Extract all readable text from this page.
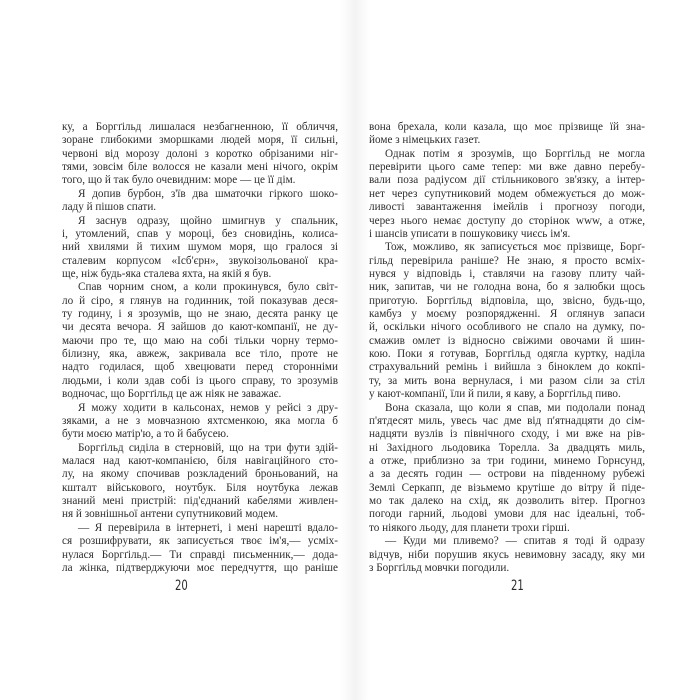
ку, а Боргґільд лишалася незбагненною, її обличчя,
зоране глибокими зморшками людей моря, її сильні,
червоні від морозу долоні з коротко обрізаними ніг-
тями, зовсім біле волосся не казали мені нічого, окрім
того, що й так було очевидним: море — це її дім.
Я допив бурбон, з'їв два шматочки гіркого шоко-
ладу й пішов спати.
Я заснув одразу, щойно шмигнув у спальник,
і, утомлений, спав у мороці, без сновидінь, колиса-
ний хвилями й тихим шумом моря, що гралося зі
сталевим корпусом «Ісб'єрн», звукоізольованої кра-
ще, ніж будь-яка сталева яхта, на якій я був.
Спав чорним сном, а коли прокинувся, було світ-
ло й сіро, я глянув на годинник, той показував деся-
ту годину, і я зрозумів, що не знаю, десята ранку це
чи десята вечора. Я зайшов до кают-компанії, не ду-
маючи про те, що маю на собі тільки чорну термо-
білизну, яка, авжеж, закривала все тіло, проте не
надто годилася, щоб хвецювати перед сторонніми
людьми, і коли здав собі із цього справу, то зрозумів
водночас, що Боргґільд це аж ніяк не заважає.
Я можу ходити в кальсонах, немов у рейсі з дру-
зяками, а не з мовчазною яхтсменкою, яка могла б
бути моєю матір'ю, а то й бабусею.
Боргґільд сиділа в стерновій, що на три фути здій-
малася над кают-компанією, біля навігаційного сто-
лу, на якому спочивав розкладений броньований, на
кшталт військового, ноутбук. Біля ноутбука лежав
знаний мені пристрій: під'єднаний кабелями живлен-
ня й зовнішньої антени супутниковий модем.
— Я перевірила в інтернеті, і мені нарешті вдало-
ся розшифрувати, як записується твоє ім'я,— усміх-
нулася Боргґільд.— Ти справді письменник,— дода-
ла жінка, підтверджуючи моє передчуття, що раніше
вона брехала, коли казала, що моє прізвище їй зна-
йоме з німецьких газет.
Однак потім я зрозумів, що Боргґільд не могла
перевірити цього саме тепер: ми вже давно перебу-
вали поза радіусом дії стільникового зв'язку, а інтер-
нет через супутниковий модем обмежується до мож-
ливості завантаження імейлів і прогнозу погоди,
через нього немає доступу до сторінок www, а отже,
і шансів уписати в пошуковику чиєсь ім'я.
Тож, можливо, як записується моє прізвище, Борґ-
гільд перевірила раніше? Не знаю, я просто всміх-
нувся у відповідь і, ставлячи на газову плиту чай-
ник, запитав, чи не голодна вона, бо я залюбки щось
приготую. Боргґільд відповіла, що, звісно, будь-що,
камбуз у моєму розпорядженні. Я оглянув запаси
й, оскільки нічого особливого не спало на думку, по-
смажив омлет із відносно свіжими овочами й шин-
кою. Поки я готував, Боргґільд одягла куртку, наділа
страхувальний ремінь і вийшла з біноклем до кокпі-
ту, за мить вона вернулася, і ми разом сіли за стіл
у кают-компанії, їли й пили, я каву, а Боргґільд пиво.
Вона сказала, що коли я спав, ми подолали понад
п'ятдесят миль, увесь час дме від п'ятнадцяти до сім-
надцяти вузлів із північного сходу, і ми вже на рів-
ні Західного льодовика Торелла. За двадцять миль,
а отже, приблизно за три години, минемо Горнсунд,
а за десять годин — острови на південному рубежі
Землі Серкапп, де візьмемо крутіше до вітру й піде-
мо так далеко на схід, як дозволить вітер. Прогноз
погоди гарний, льодові умови для нас ідеальні, тоб-
то ніякого льоду, для планети трохи гірші.
— Куди ми пливемо? — спитав я тоді й одразу
відчув, ніби порушив якусь невимовну засаду, яку ми
з Боргґільд мовчки погодили.
20	21
